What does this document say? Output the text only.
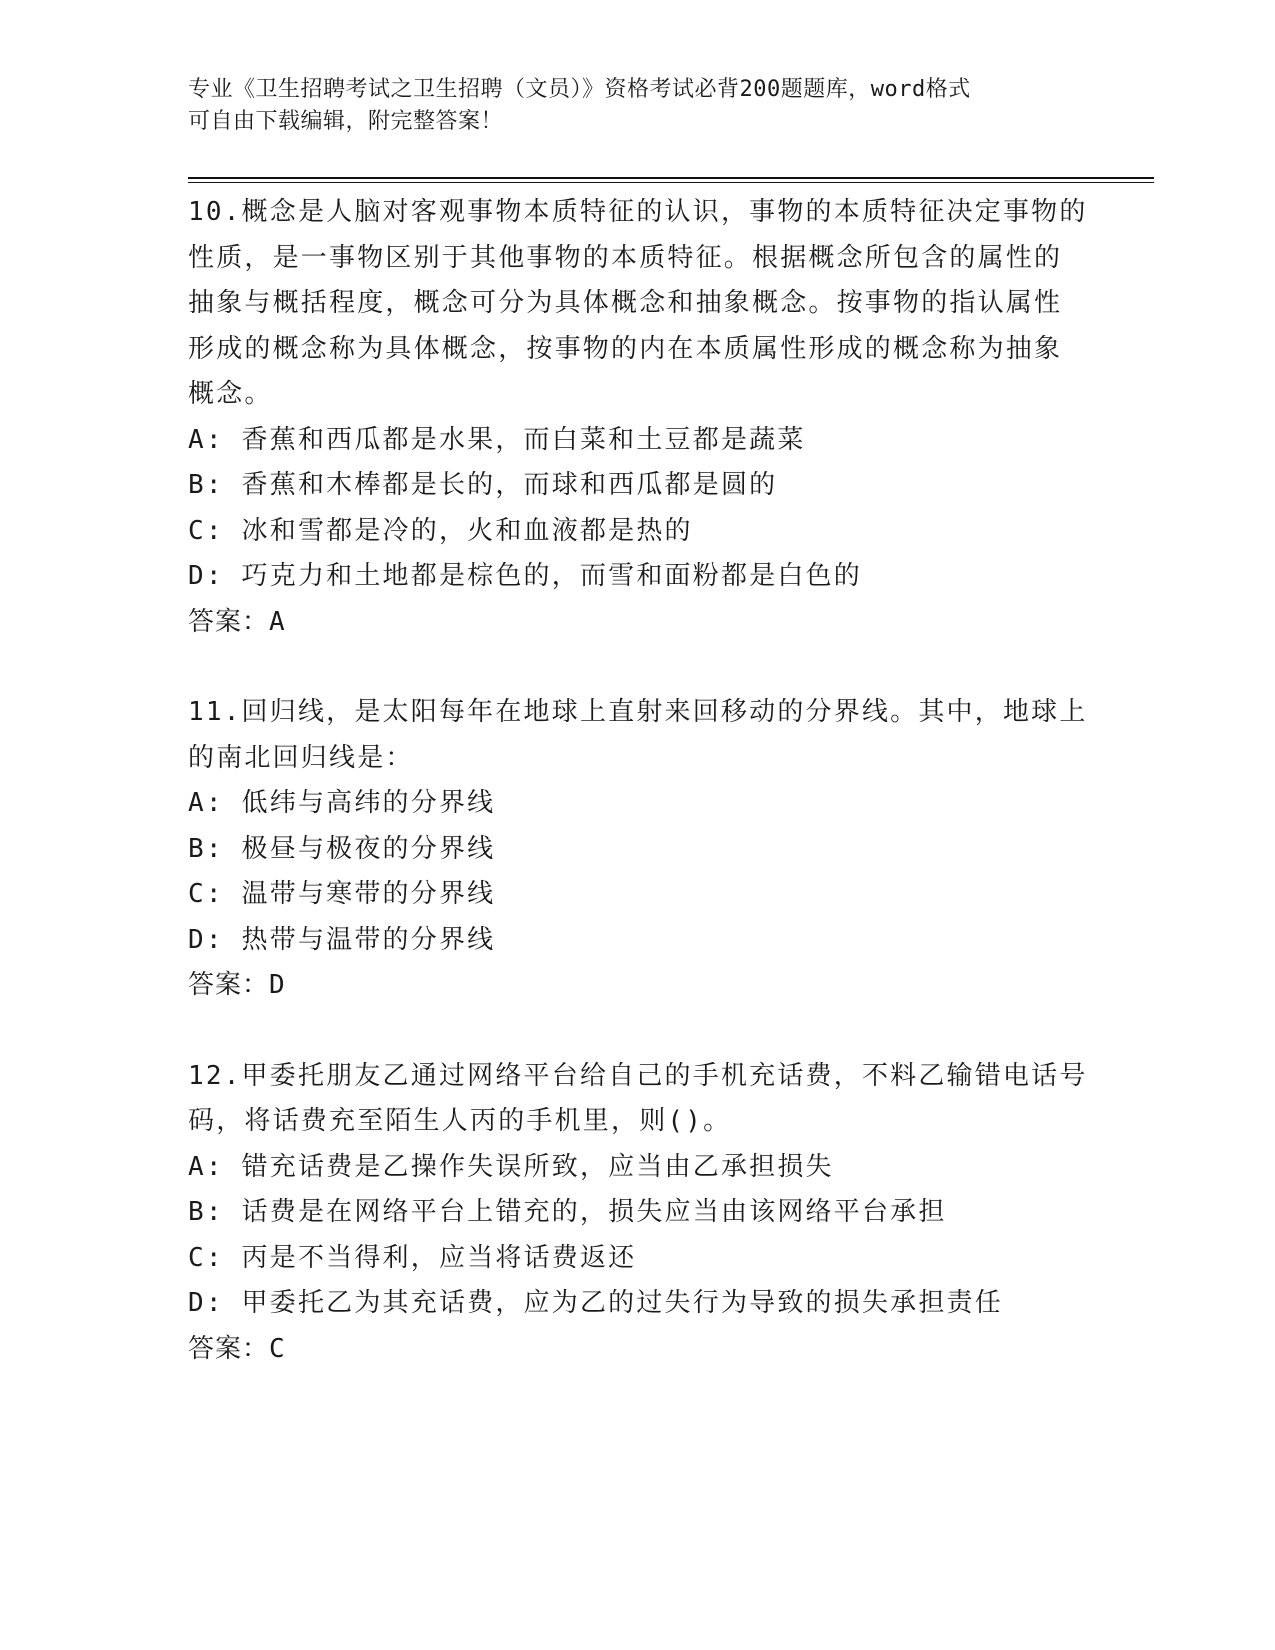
专业《卫生招聘考试之卫生招聘（文员）》资格考试必背200题题库，word格式
可自由下载编辑，附完整答案！
10.概念是人脑对客观事物本质特征的认识，事物的本质特征决定事物的性质，是一事物区别于其他事物的本质特征。根据概念所包含的属性的抽象与概括程度，概念可分为具体概念和抽象概念。按事物的指认属性形成的概念称为具体概念，按事物的内在本质属性形成的概念称为抽象概念。
A: 香蕉和西瓜都是水果，而白菜和土豆都是蔬菜
B: 香蕉和木棒都是长的，而球和西瓜都是圆的
C: 冰和雪都是冷的，火和血液都是热的
D: 巧克力和土地都是棕色的，而雪和面粉都是白色的
答案：A
11.回归线，是太阳每年在地球上直射来回移动的分界线。其中，地球上的南北回归线是：
A: 低纬与高纬的分界线
B: 极昼与极夜的分界线
C: 温带与寒带的分界线
D: 热带与温带的分界线
答案：D
12.甲委托朋友乙通过网络平台给自己的手机充话费，不料乙输错电话号码，将话费充至陌生人丙的手机里，则()。
A: 错充话费是乙操作失误所致，应当由乙承担损失
B: 话费是在网络平台上错充的，损失应当由该网络平台承担
C: 丙是不当得利，应当将话费返还
D: 甲委托乙为其充话费，应为乙的过失行为导致的损失承担责任
答案：C
